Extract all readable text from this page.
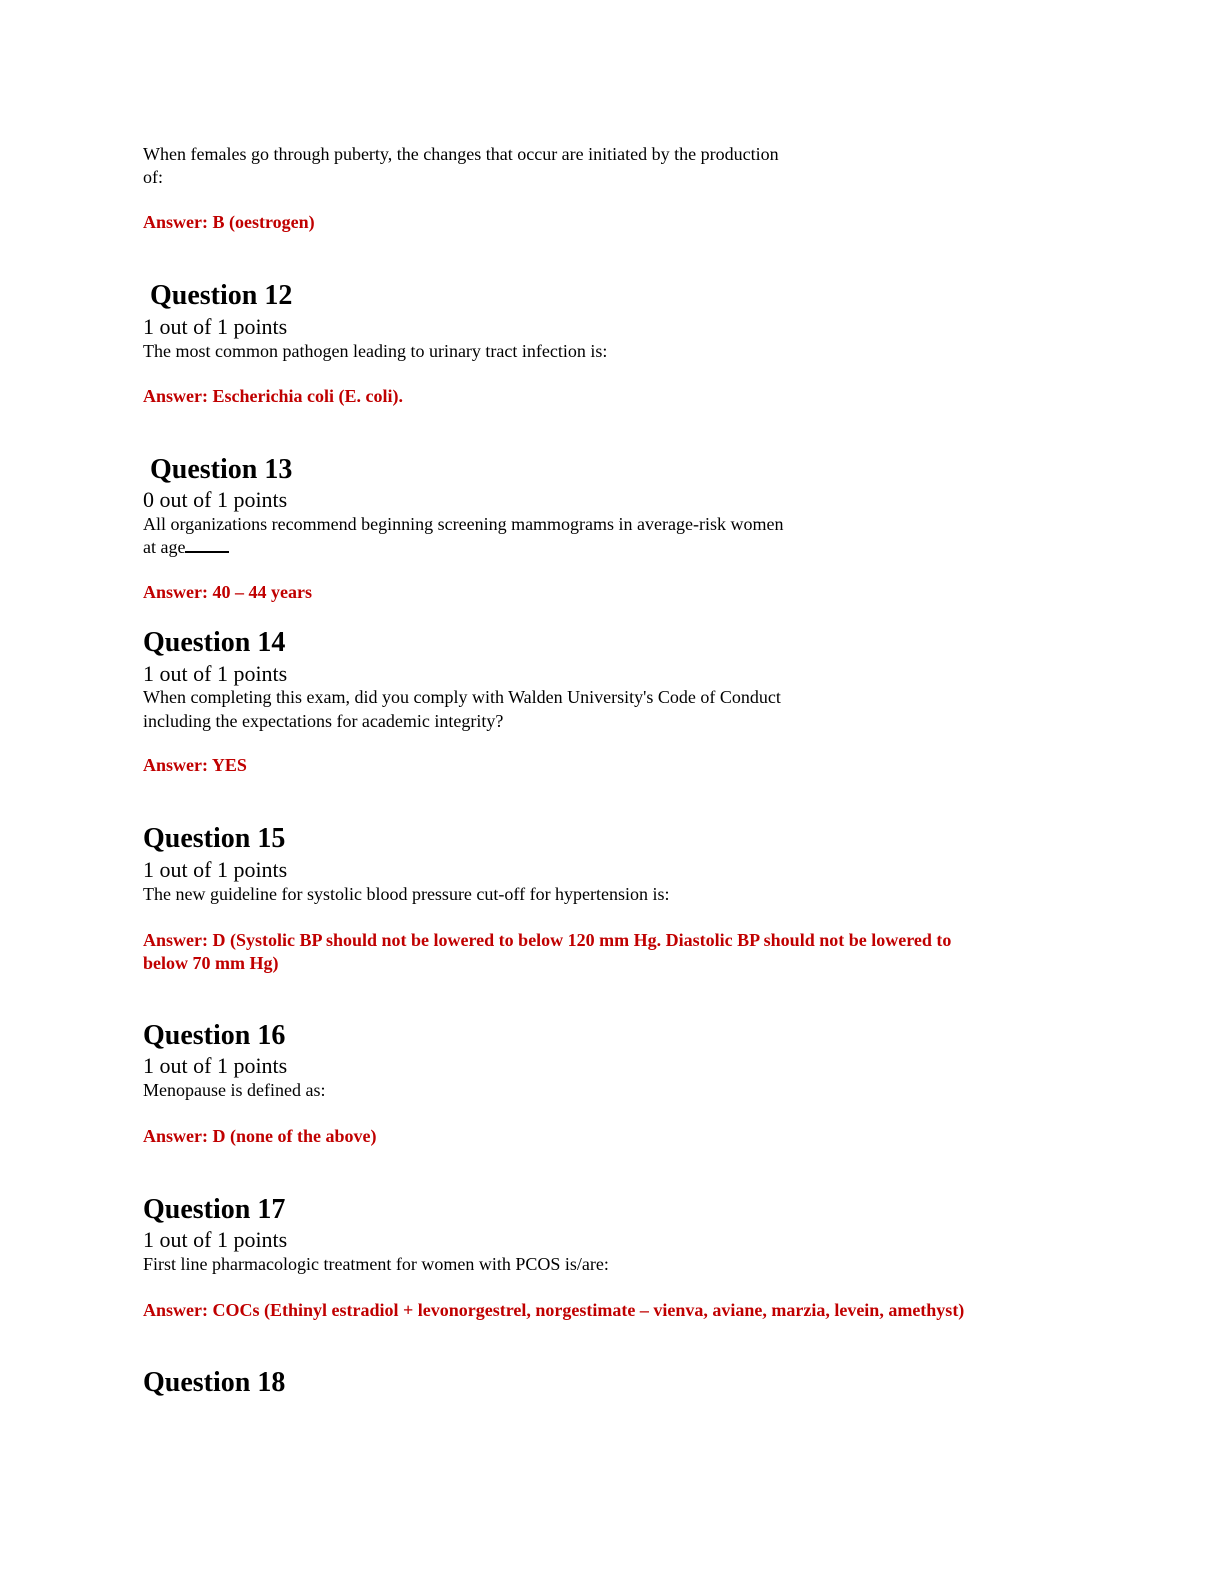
When females go through puberty, the changes that occur are initiated by the production
of:
Answer: B (oestrogen)
Question 12
1 out of 1 points
The most common pathogen leading to urinary tract infection is:
Answer: Escherichia coli (E. coli).
Question 13
0 out of 1 points
All organizations recommend beginning screening mammograms in average-risk women
at age
Answer: 40 – 44 years
Question 14
1 out of 1 points
When completing this exam, did you comply with Walden University's Code of Conduct
including the expectations for academic integrity?
Answer: YES
Question 15
1 out of 1 points
The new guideline for systolic blood pressure cut-off for hypertension is:
Answer: D (Systolic BP should not be lowered to below 120 mm Hg. Diastolic BP should not be lowered to
below 70 mm Hg)
Question 16
1 out of 1 points
Menopause is defined as:
Answer: D (none of the above)
Question 17
1 out of 1 points
First line pharmacologic treatment for women with PCOS is/are:
Answer: COCs (Ethinyl estradiol + levonorgestrel, norgestimate – vienva, aviane, marzia, levein, amethyst)
Question 18
